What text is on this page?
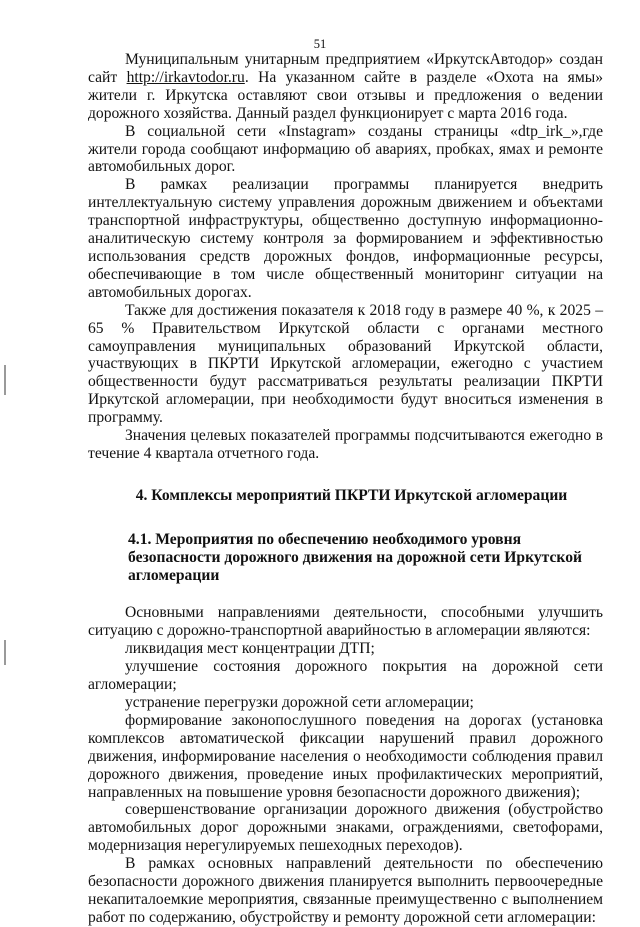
51

Муниципальным унитарным предприятием «ИркутскАвтодор» создан сайт http://irkavtodor.ru. На указанном сайте в разделе «Охота на ямы» жители г. Иркутска оставляют свои отзывы и предложения о ведении дорожного хозяйства. Данный раздел функционирует с марта 2016 года.

В социальной сети «Instagram» созданы страницы «dtp_irk_»,где жители города сообщают информацию об авариях, пробках, ямах и ремонте автомобильных дорог.

В рамках реализации программы планируется внедрить интеллектуальную систему управления дорожным движением и объектами транспортной инфраструктуры, общественно доступную информационно-аналитическую систему контроля за формированием и эффективностью использования средств дорожных фондов, информационные ресурсы, обеспечивающие в том числе общественный мониторинг ситуации на автомобильных дорогах.

Также для достижения показателя к 2018 году в размере 40 %, к 2025 – 65 % Правительством Иркутской области с органами местного самоуправления муниципальных образований Иркутской области, участвующих в ПКРТИ Иркутской агломерации, ежегодно с участием общественности будут рассматриваться результаты реализации ПКРТИ Иркутской агломерации, при необходимости будут вноситься изменения в программу.

Значения целевых показателей программы подсчитываются ежегодно в течение 4 квартала отчетного года.

4. Комплексы мероприятий ПКРТИ Иркутской агломерации
4.1. Мероприятия по обеспечению необходимого уровня безопасности дорожного движения на дорожной сети Иркутской агломерации

Основными направлениями деятельности, способными улучшить ситуацию с дорожно-транспортной аварийностью в агломерации являются:

ликвидация мест концентрации ДТП;

улучшение состояния дорожного покрытия на дорожной сети агломерации;

устранение перегрузки дорожной сети агломерации;

формирование законопослушного поведения на дорогах (установка комплексов автоматической фиксации нарушений правил дорожного движения, информирование населения о необходимости соблюдения правил дорожного движения, проведение иных профилактических мероприятий, направленных на повышение уровня безопасности дорожного движения);

совершенствование организации дорожного движения (обустройство автомобильных дорог дорожными знаками, ограждениями, светофорами, модернизация нерегулируемых пешеходных переходов).

В рамках основных направлений деятельности по обеспечению безопасности дорожного движения планируется выполнить первоочередные некапиталоемкие мероприятия, связанные преимущественно с выполнением работ по содержанию, обустройству и ремонту дорожной сети агломерации:
